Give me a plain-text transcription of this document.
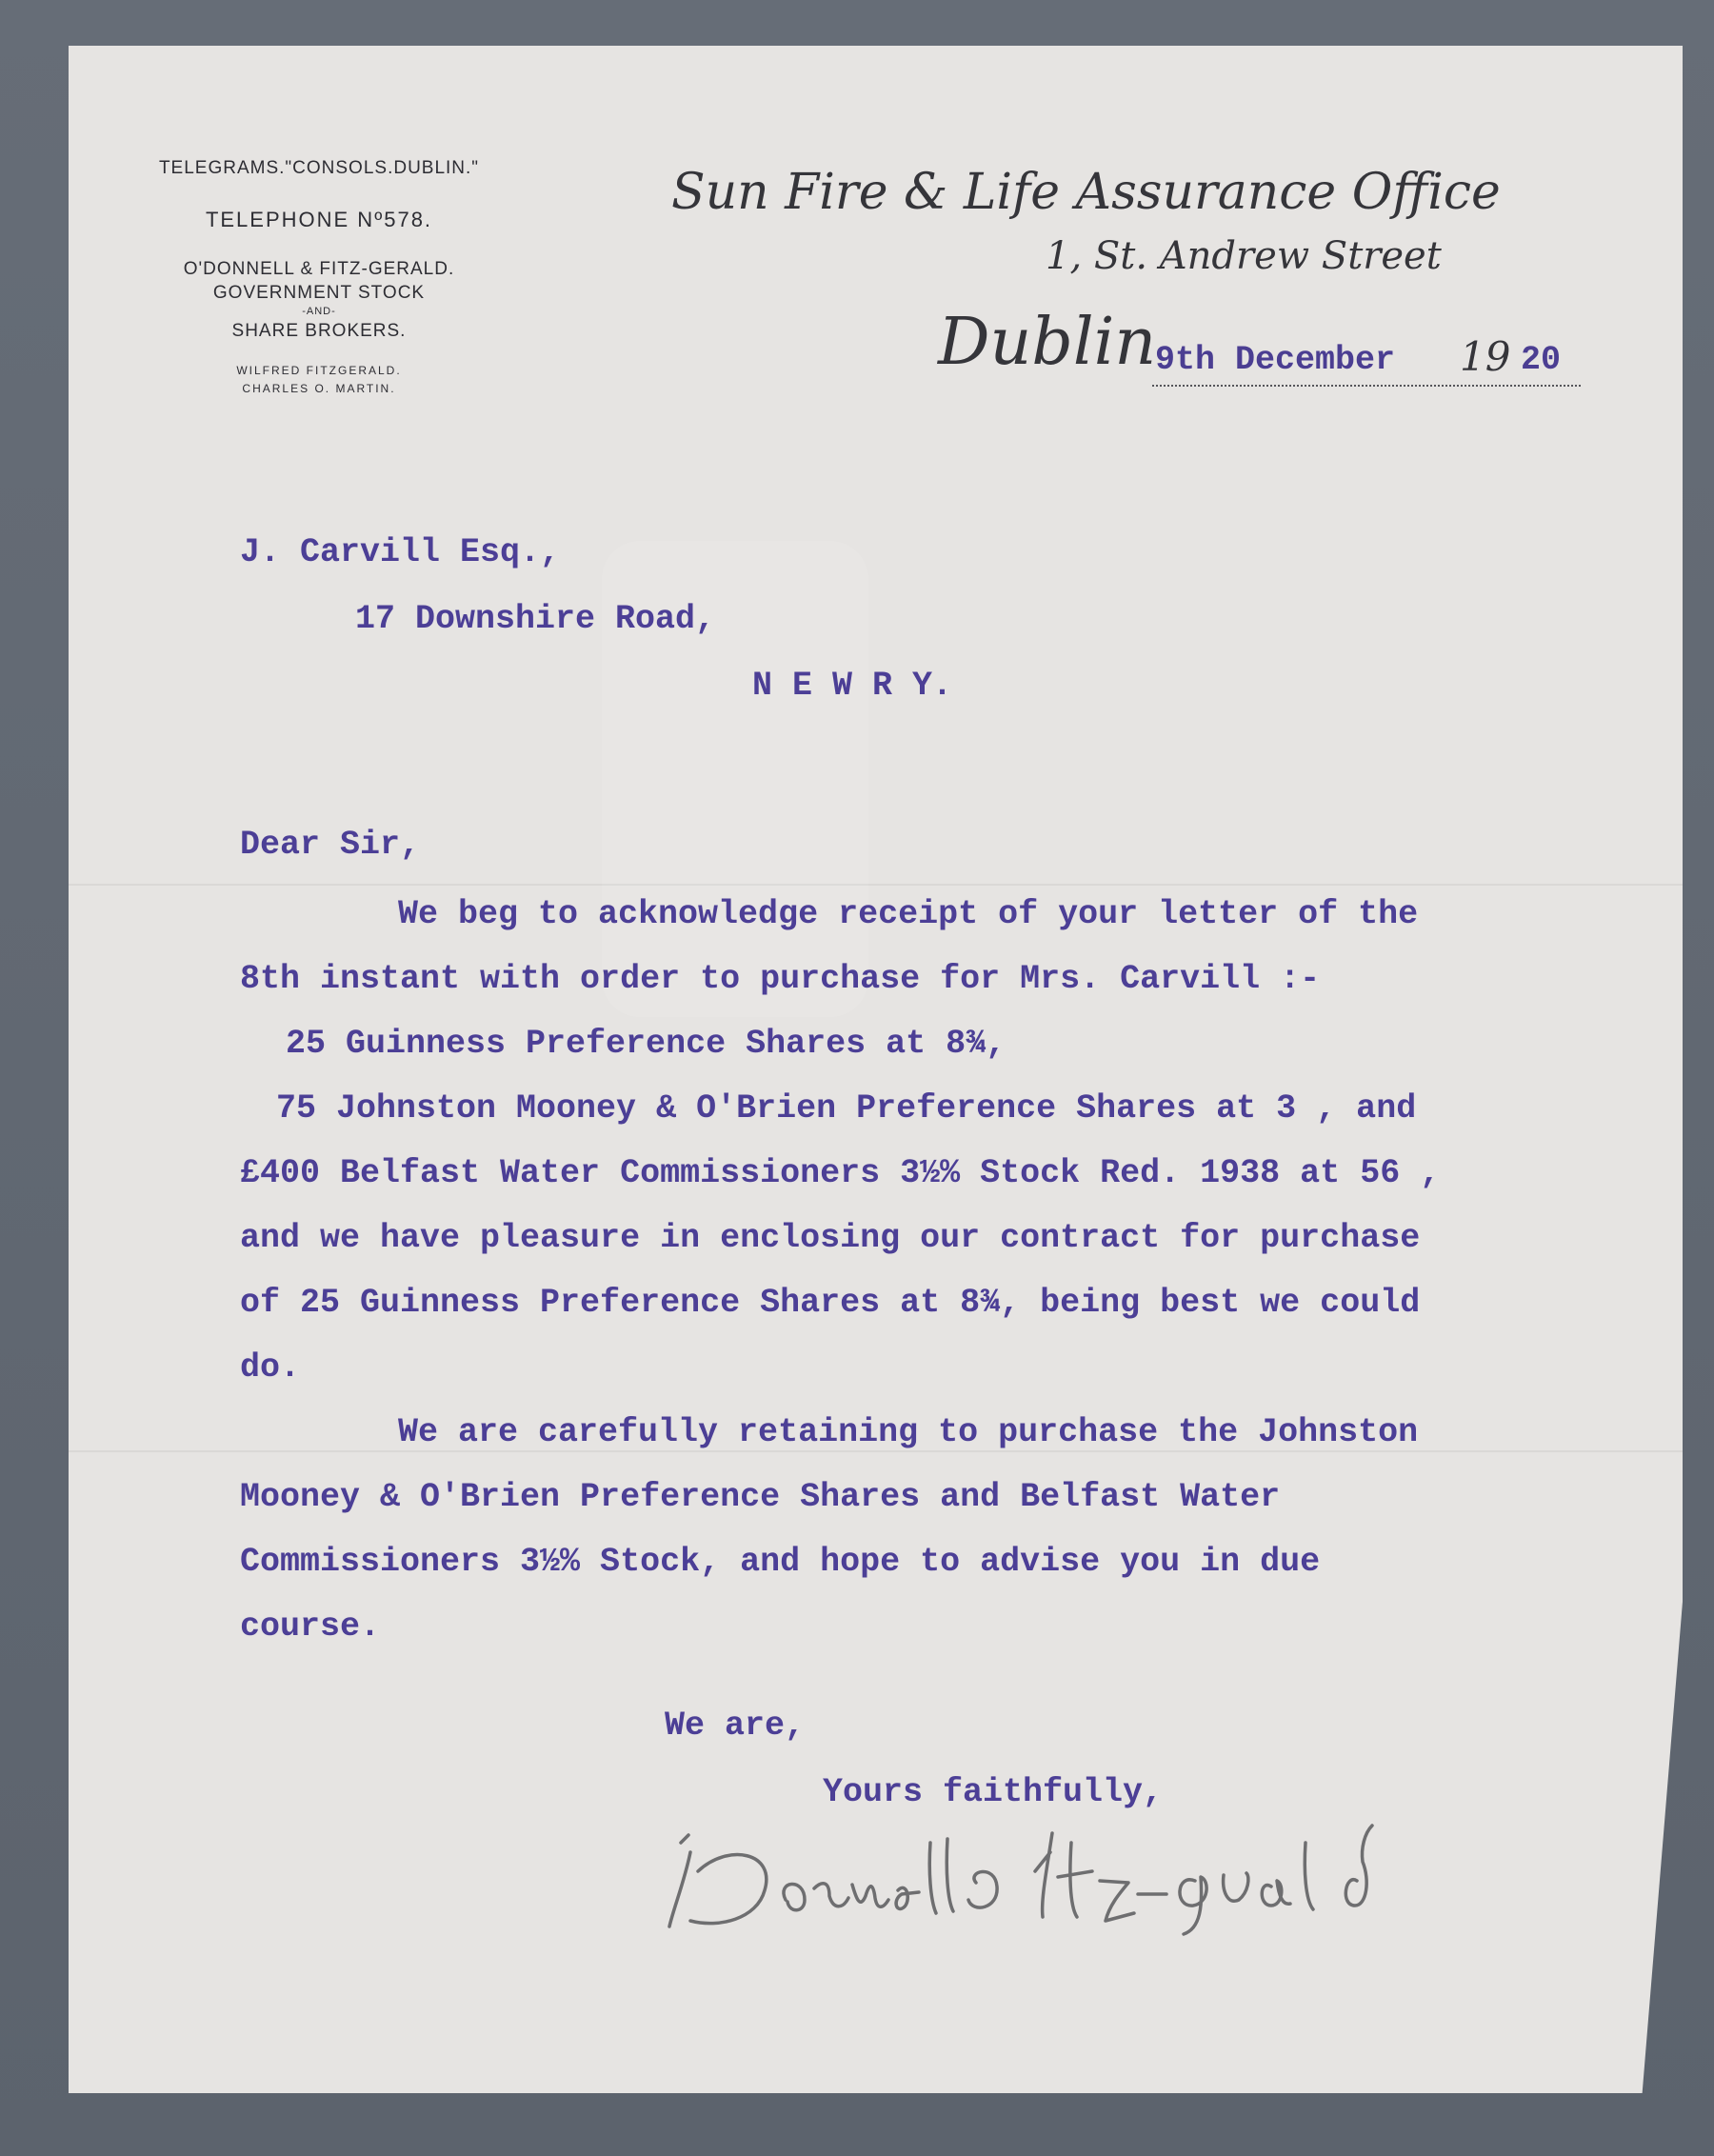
TELEGRAMS."CONSOLS.DUBLIN."
TELEPHONE Nº578.
O'DONNELL & FITZ-GERALD.
GOVERNMENT STOCK
-AND-
SHARE BROKERS.
WILFRED FITZGERALD.
CHARLES O. MARTIN.
Sun Fire & Life Assurance Office
1, St. Andrew Street
Dublin
9th December 19 20
J. Carvill Esq.,
17 Downshire Road,
N E W R Y.
Dear Sir,
We beg to acknowledge receipt of your letter of the
8th instant with order to purchase for Mrs. Carvill :-
25 Guinness Preference Shares at 8¾,
75 Johnston Mooney & O'Brien Preference Shares at 3 , and
£400 Belfast Water Commissioners 3½% Stock Red. 1938 at 56 ,
and we have pleasure in enclosing our contract for purchase
of 25 Guinness Preference Shares at 8¾, being best we could
do.
We are carefully retaining to purchase the Johnston
Mooney & O'Brien Preference Shares and Belfast Water
Commissioners 3½% Stock, and hope to advise you in due
course.
We are,
Yours faithfully,
